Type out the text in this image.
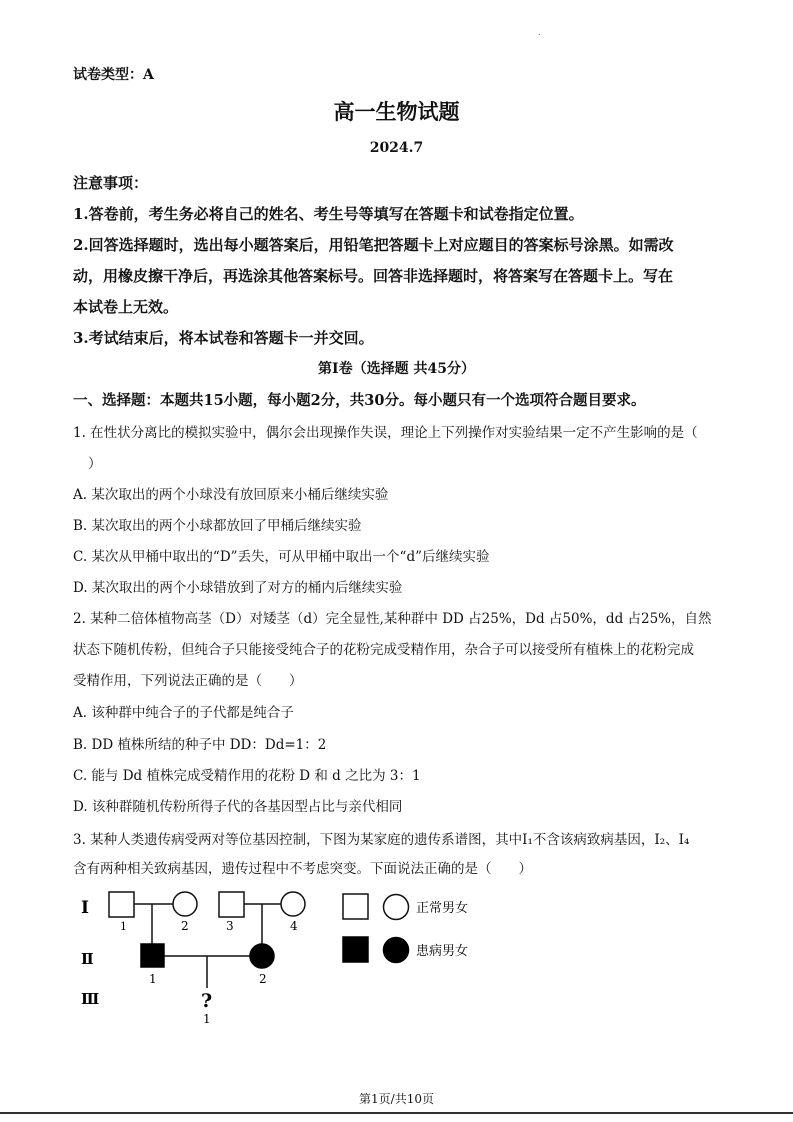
.
试卷类型：A
高一生物试题
2024.7
注意事项：
1.答卷前，考生务必将自己的姓名、考生号等填写在答题卡和试卷指定位置。
2.回答选择题时，选出每小题答案后，用铅笔把答题卡上对应题目的答案标号涂黑。如需改
动，用橡皮擦干净后，再选涂其他答案标号。回答非选择题时，将答案写在答题卡上。写在
本试卷上无效。
3.考试结束后，将本试卷和答题卡一并交回。
第Ⅰ卷（选择题 共45分）
一、选择题：本题共15小题，每小题2分，共30分。每小题只有一个选项符合题目要求。
1. 在性状分离比的模拟实验中，偶尔会出现操作失误，理论上下列操作对实验结果一定不产生影响的是（
）
A. 某次取出的两个小球没有放回原来小桶后继续实验
B. 某次取出的两个小球都放回了甲桶后继续实验
C. 某次从甲桶中取出的“D”丢失，可从甲桶中取出一个“d”后继续实验
D. 某次取出的两个小球错放到了对方的桶内后继续实验
2. 某种二倍体植物高茎（D）对矮茎（d）完全显性,某种群中 DD 占25%，Dd 占50%，dd 占25%，自然
状态下随机传粉，但纯合子只能接受纯合子的花粉完成受精作用，杂合子可以接受所有植株上的花粉完成
受精作用，下列说法正确的是（　　）
A. 该种群中纯合子的子代都是纯合子
B. DD 植株所结的种子中 DD：Dd=1：2
C. 能与 Dd 植株完成受精作用的花粉 D 和 d 之比为 3：1
D. 该种群随机传粉所得子代的各基因型占比与亲代相同
3. 某种人类遗传病受两对等位基因控制，下图为某家庭的遗传系谱图，其中Ⅰ₁不含该病致病基因，I₂、I₄
含有两种相关致病基因，遗传过程中不考虑突变。下面说法正确的是（　　）
Ⅰ
Ⅱ
Ⅲ
1	2	3	4
1	2
?
1
正常男女
患病男女
第1页/共10页
